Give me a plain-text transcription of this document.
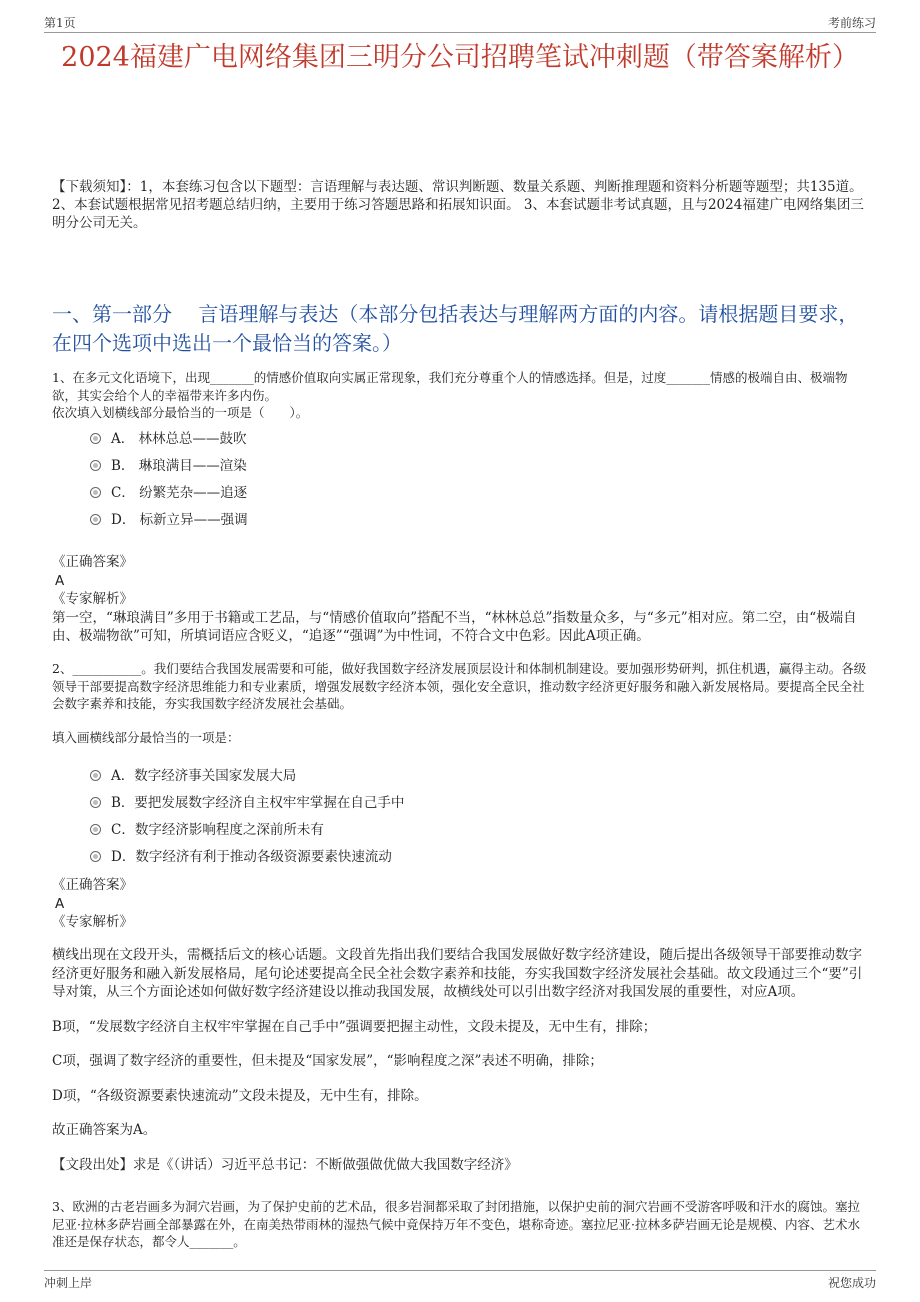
第1页	考前练习
2024福建广电网络集团三明分公司招聘笔试冲刺题（带答案解析）

【下载须知】：1，本套练习包含以下题型：言语理解与表达题、常识判断题、数量关系题、判断推理题和资料分析题等题型；共135道。 2、本套试题根据常见招考题总结归纳，主要用于练习答题思路和拓展知识面。 3、本套试题非考试真题，且与2024福建广电网络集团三明分公司无关。

一、第一部分　 言语理解与表达（本部分包括表达与理解两方面的内容。请根据题目要求，在四个选项中选出一个最恰当的答案。）

1、在多元文化语境下，出现_______的情感价值取向实属正常现象，我们充分尊重个人的情感选择。但是，过度_______情感的极端自由、极端物欲，其实会给个人的幸福带来许多内伤。

依次填入划横线部分最恰当的一项是（　　）。

A． 林林总总——鼓吹
B． 琳琅满目——渲染
C． 纷繁芜杂——追逐
D． 标新立异——强调

《正确答案》

A

《专家解析》

第一空，“琳琅满目”多用于书籍或工艺品，与“情感价值取向”搭配不当，“林林总总”指数量众多，与“多元”相对应。第二空，由“极端自由、极端物欲”可知，所填词语应含贬义，“追逐”“强调”为中性词，不符合文中色彩。因此A项正确。

2、___________。我们要结合我国发展需要和可能，做好我国数字经济发展顶层设计和体制机制建设。要加强形势研判，抓住机遇，赢得主动。各级领导干部要提高数字经济思维能力和专业素质，增强发展数字经济本领，强化安全意识，推动数字经济更好服务和融入新发展格局。要提高全民全社会数字素养和技能，夯实我国数字经济发展社会基础。

填入画横线部分最恰当的一项是：

A．数字经济事关国家发展大局
B．要把发展数字经济自主权牢牢掌握在自己手中
C．数字经济影响程度之深前所未有
D．数字经济有利于推动各级资源要素快速流动

《正确答案》

A

《专家解析》

横线出现在文段开头，需概括后文的核心话题。文段首先指出我们要结合我国发展做好数字经济建设，随后提出各级领导干部要推动数字经济更好服务和融入新发展格局，尾句论述要提高全民全社会数字素养和技能，夯实我国数字经济发展社会基础。故文段通过三个“要”引导对策，从三个方面论述如何做好数字经济建设以推动我国发展，故横线处可以引出数字经济对我国发展的重要性，对应A项。

B项，“发展数字经济自主权牢牢掌握在自己手中”强调要把握主动性，文段未提及，无中生有，排除；

C项，强调了数字经济的重要性，但未提及“国家发展”，“影响程度之深”表述不明确，排除；

D项，“各级资源要素快速流动”文段未提及，无中生有，排除。

故正确答案为A。

【文段出处】求是《（讲话）习近平总书记：不断做强做优做大我国数字经济》

3、欧洲的古老岩画多为洞穴岩画，为了保护史前的艺术品，很多岩洞都采取了封闭措施，以保护史前的洞穴岩画不受游客呼吸和汗水的腐蚀。塞拉尼亚·拉林多萨岩画全部暴露在外，在南美热带雨林的湿热气候中竟保持万年不变色，堪称奇迹。塞拉尼亚·拉林多萨岩画无论是规模、内容、艺术水准还是保存状态，都令人_______。

冲刺上岸	祝您成功
